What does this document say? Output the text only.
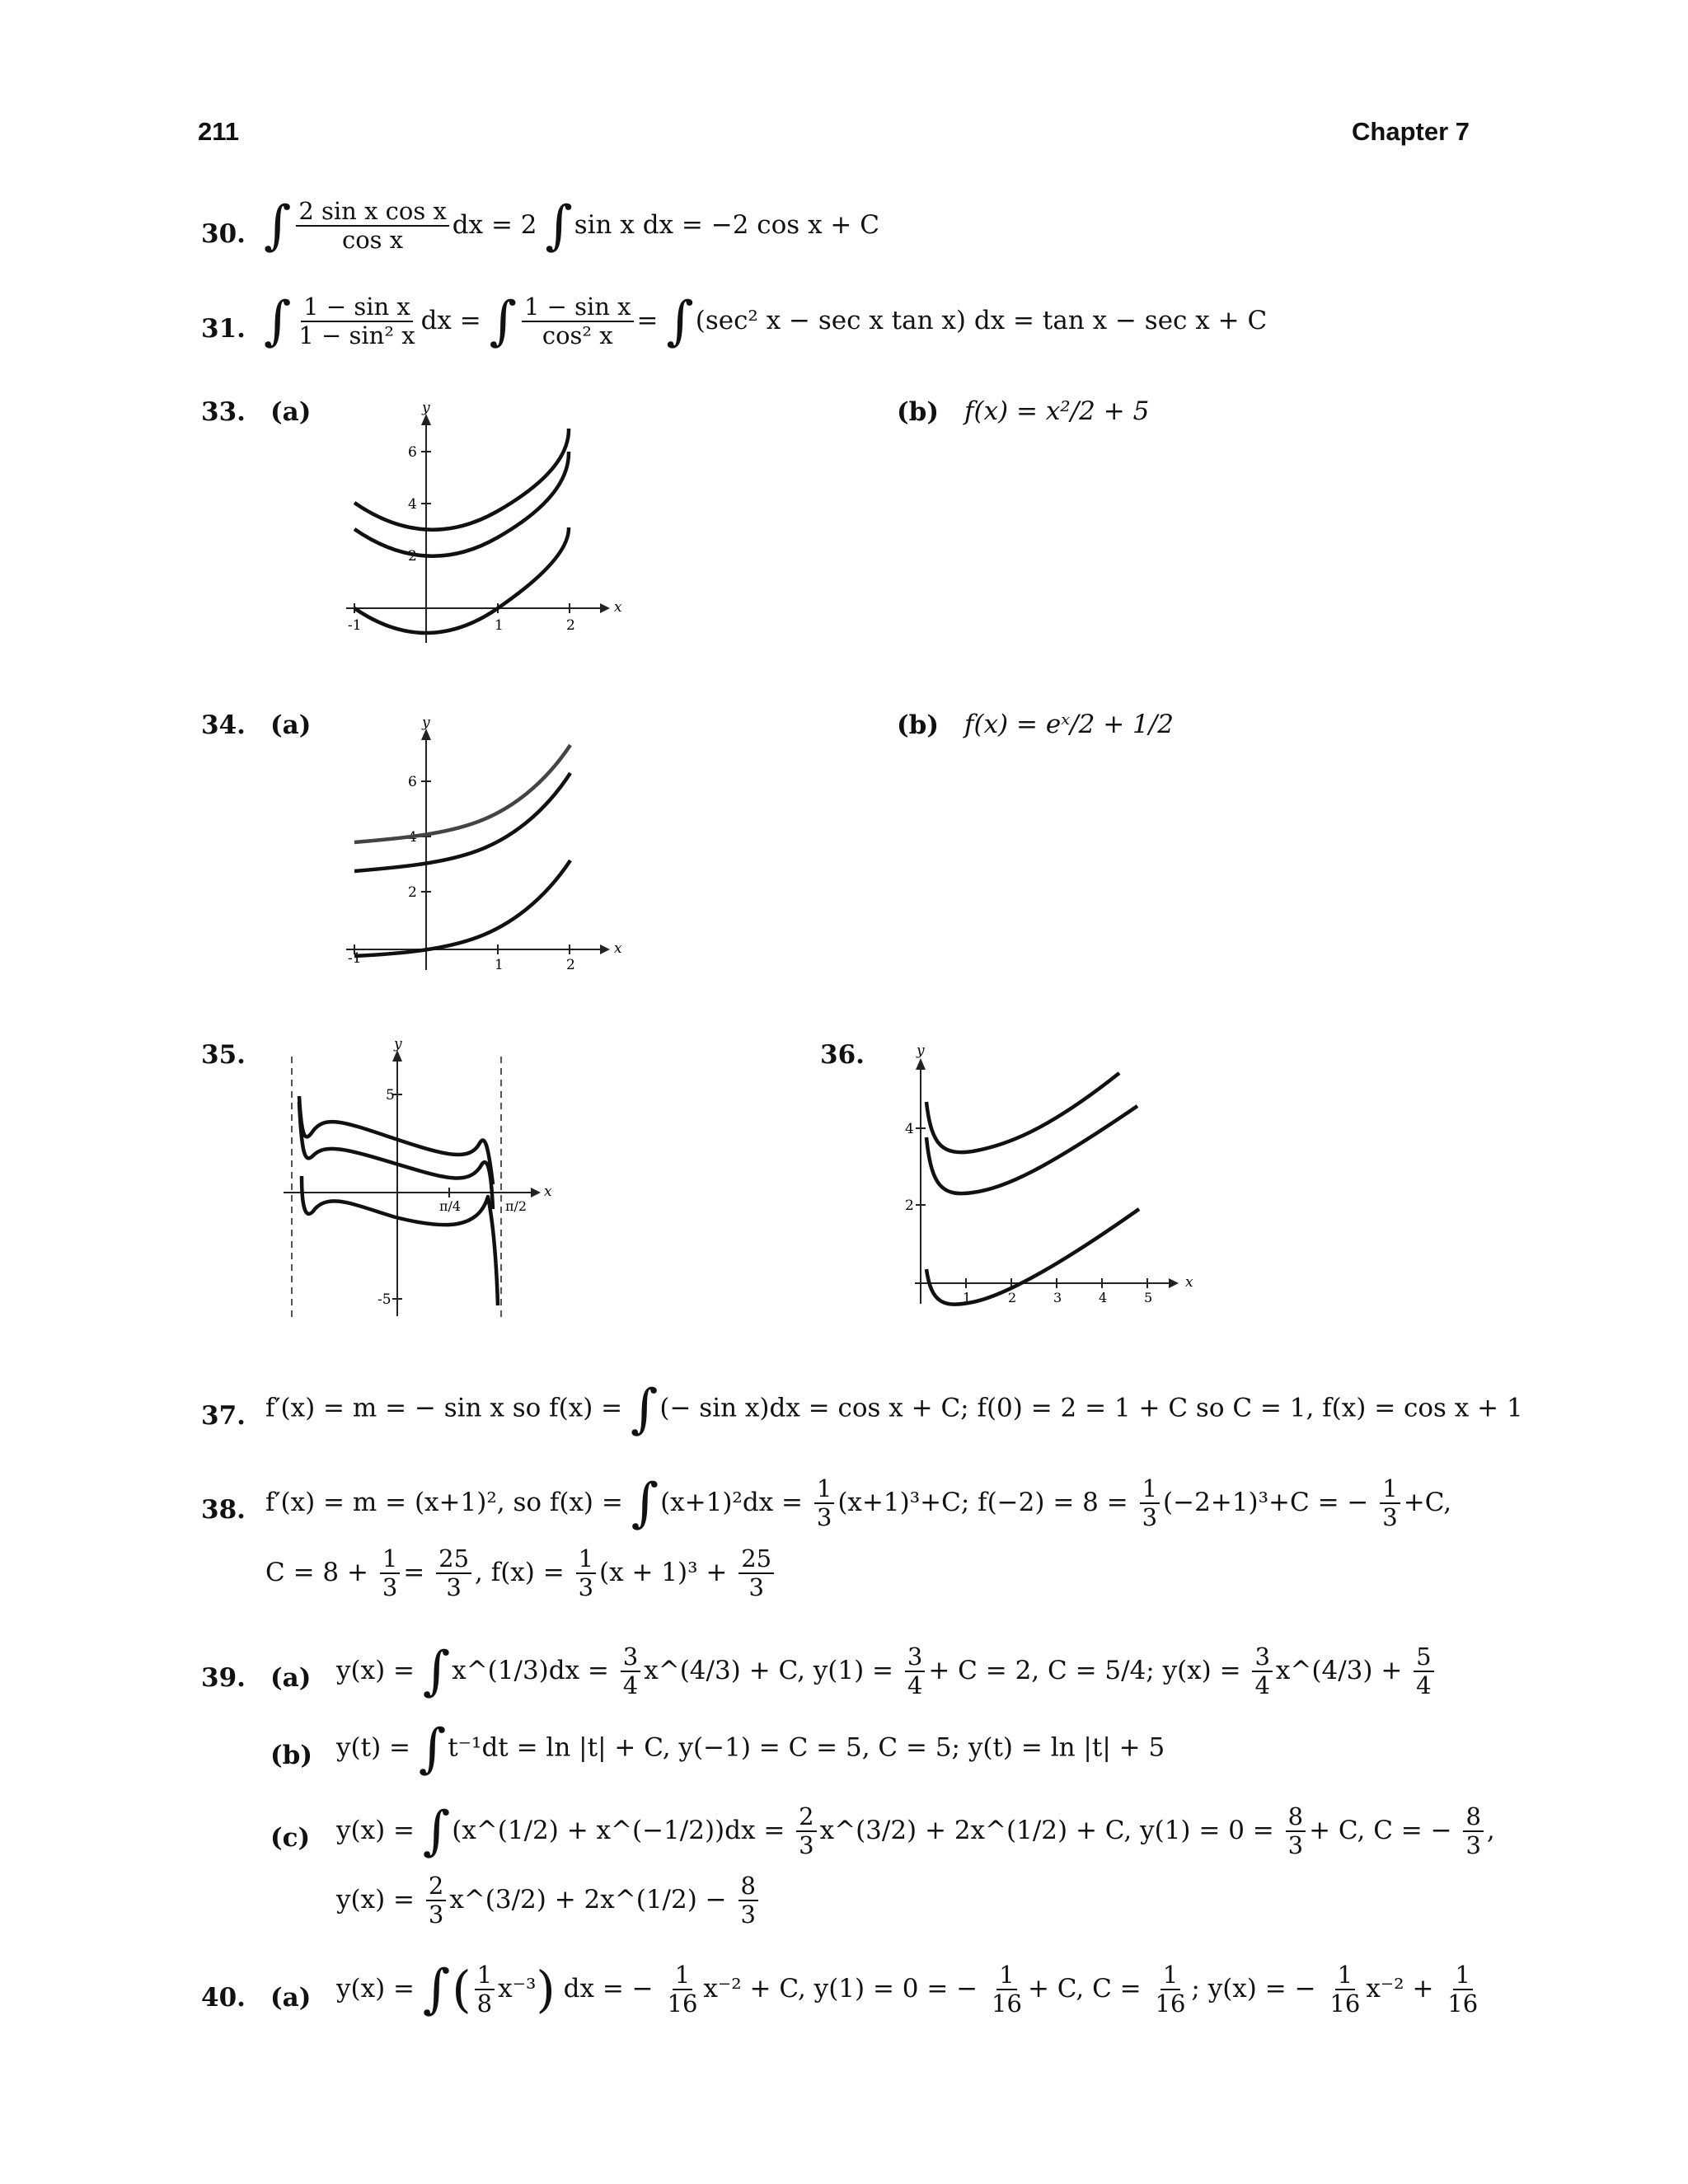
211	Chapter 7
30. ∫ $\frac{\text{2 sin x cos x}}{\text{cos x}}$ dx = 2 ∫sin x dx = −2 cos x + C
31. ∫ $\frac{\text{1 − sin x}}{\text{1 − sin² x}}$ dx = ∫ $\frac{\text{1 − sin x}}{\text{cos² x}} = \int(\sec^2$ x − sec x tan x) dx = tan x − sec x + C
33. (a)	(b) f(x) = x²/2 + 5
-1	1	2
6
4
2
y
x
34. (a)	(b) f(x) = eˣ/2 + 1/2
-1	1	2
6
4
2
y
x
35.
5
-5
π/4	π/2
y
x
36.
1	2	3	4	5
4
2
y
x
37. f′(x) = m = − sin x so f(x) = ∫(− sin x)dx = cos x + C; f(0) = 2 = 1 + C so C = 1, f(x) = cos x + 1
38. f′(x) = m = (x+1)², so $f(x) = \int(x+1)^2dx = \frac{1}{3} (x+1)^3+C$; $f(-2) = 8 = \frac{1}{3} (-2+1)^3+C$ = − $\frac{1}{3} +C$,
$C = 8 + \frac{1}{3} = \frac{25}{3}$ , $f(x) = \frac{1}{3} (x + 1)^3 + \frac{25}{3}$
39. (a) y(x) = ∫x^(1/3)dx = $\frac{3}{4}$ x^(4/3) + C, $y(1) = \frac{3}{4} + C = 2$, C = 5/4; $y(x) = \frac{3}{4}$ x^(4/3) + $\frac{5}{4}$
(b) y(t) = ∫t⁻¹dt = ln |t| + C, y(−1) = C = 5, C = 5; y(t) = ln |t| + 5
(c) y(x) = ∫(x^(1/2) + x^(−1/2))dx = $\frac{2}{3}$ x^(3/2) + 2x^(1/2) + C, $y(1) = 0 = \frac{8}{3} + C$, C = − $\frac{8}{3}$ ,
$y(x) = \frac{2}{3}$ x^(3/2) + 2x^(1/2) − $\frac{8}{3}$
40. (a) y(x) = ∫( $\frac{1}{8} x^{-3}$) dx = − $\frac{1}{16} x^{-2} + C$, y(1) = 0 = − $\frac{1}{16} + C$, $C = \frac{1}{16}$ ; y(x) = − $\frac{1}{16} x^{-2} + \frac{1}{16}$
